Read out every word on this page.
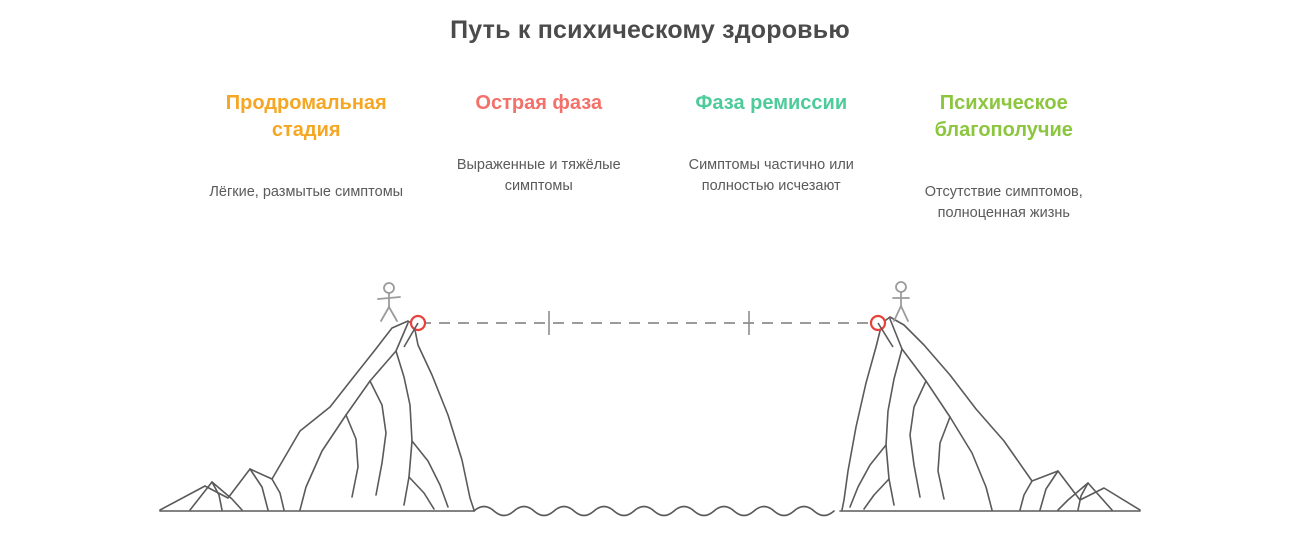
Путь к психическому здоровью
Продромальная стадия
Лёгкие, размытые симптомы
Острая фаза
Выраженные и тяжёлые симптомы
Фаза ремиссии
Симптомы частично или полностью исчезают
Психическое благополучие
Отсутствие симптомов, полноценная жизнь
